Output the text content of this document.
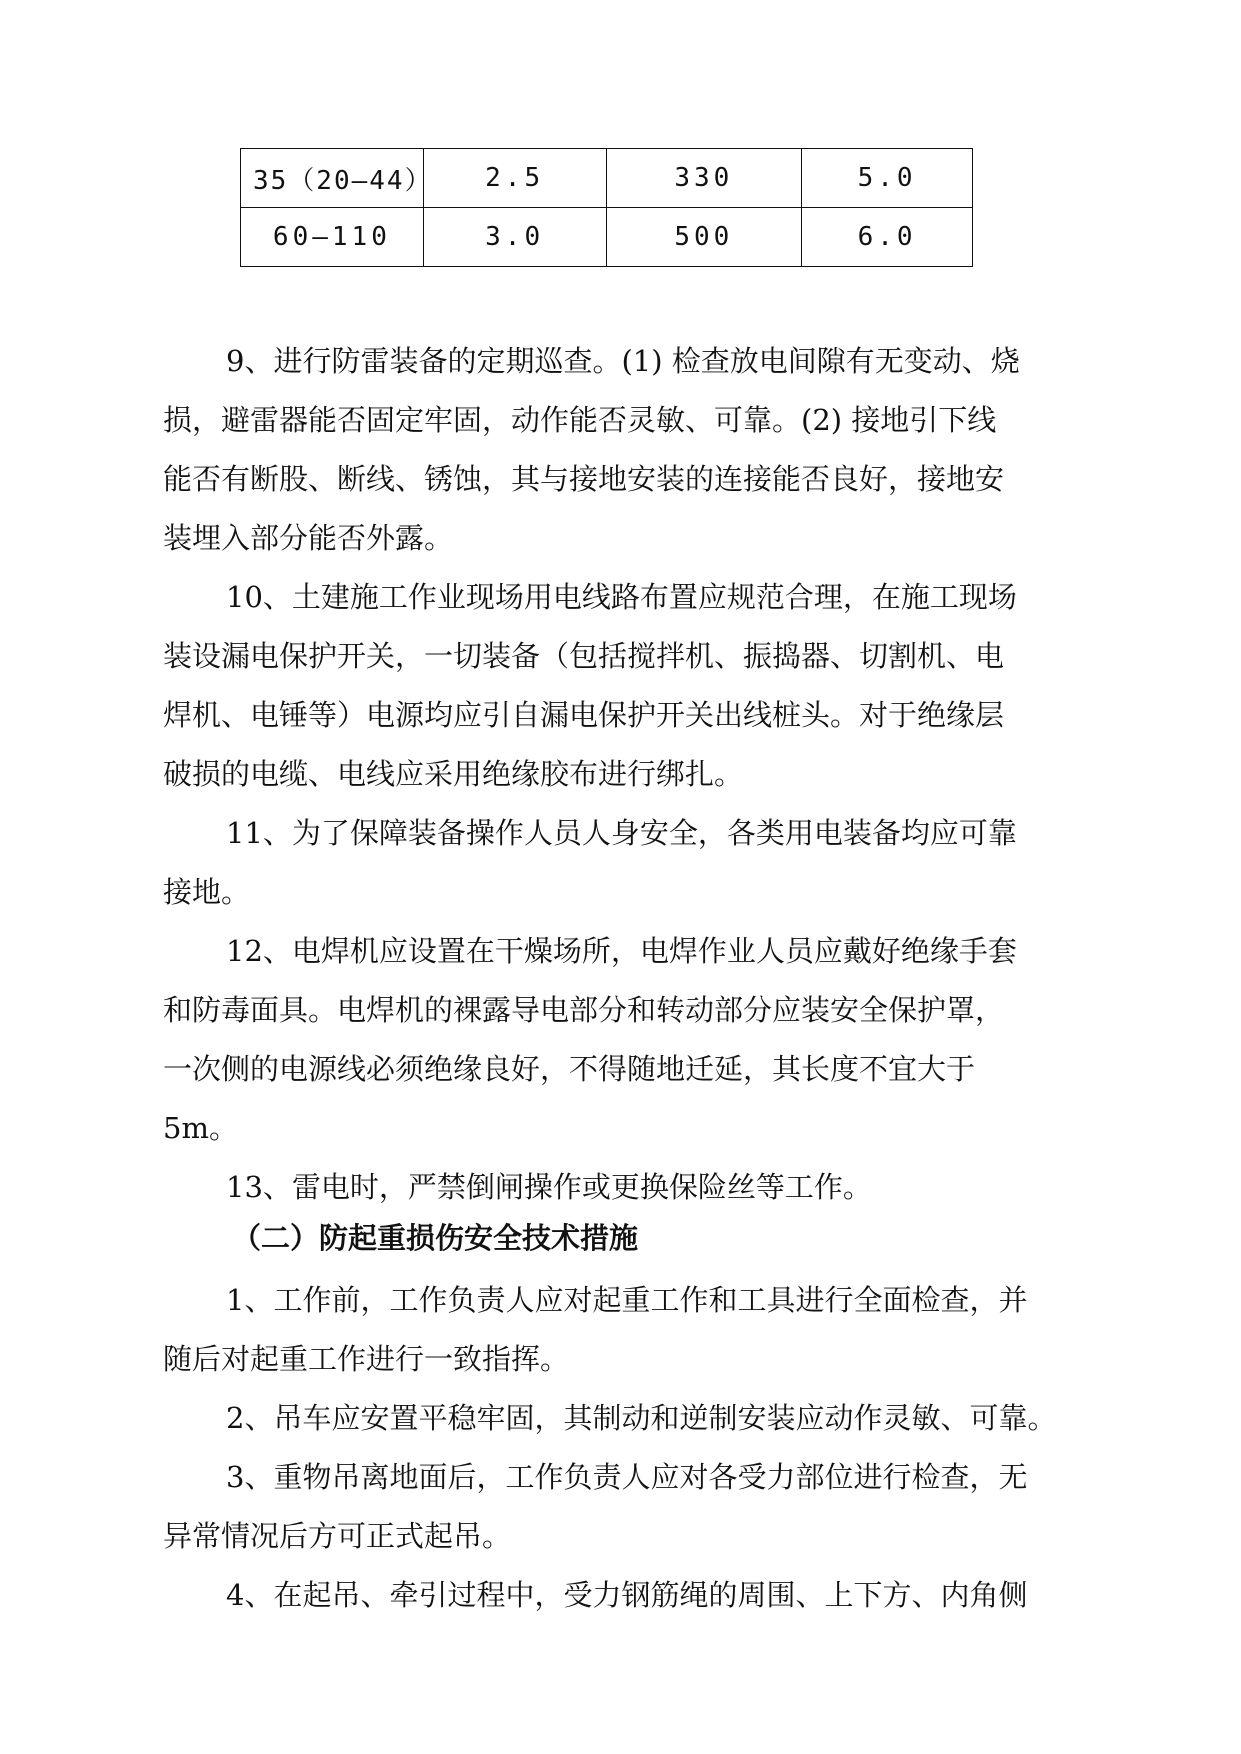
35（20—44）	2.5	330	5.0
60—110	3.0	500	6.0
9、进行防雷装备的定期巡查。(1) 检查放电间隙有无变动、烧
损，避雷器能否固定牢固，动作能否灵敏、可靠。(2) 接地引下线
能否有断股、断线、锈蚀，其与接地安装的连接能否良好，接地安
装埋入部分能否外露。
10、土建施工作业现场用电线路布置应规范合理，在施工现场
装设漏电保护开关，一切装备（包括搅拌机、振捣器、切割机、电
焊机、电锤等）电源均应引自漏电保护开关出线桩头。对于绝缘层
破损的电缆、电线应采用绝缘胶布进行绑扎。
11、为了保障装备操作人员人身安全，各类用电装备均应可靠
接地。
12、电焊机应设置在干燥场所，电焊作业人员应戴好绝缘手套
和防毒面具。电焊机的裸露导电部分和转动部分应装安全保护罩，
一次侧的电源线必须绝缘良好，不得随地迁延，其长度不宜大于
5m。
13、雷电时，严禁倒闸操作或更换保险丝等工作。
（二）防起重损伤安全技术措施
1、工作前，工作负责人应对起重工作和工具进行全面检查，并
随后对起重工作进行一致指挥。
2、吊车应安置平稳牢固，其制动和逆制安装应动作灵敏、可靠。
3、重物吊离地面后，工作负责人应对各受力部位进行检查，无
异常情况后方可正式起吊。
4、在起吊、牵引过程中，受力钢筋绳的周围、上下方、内角侧
